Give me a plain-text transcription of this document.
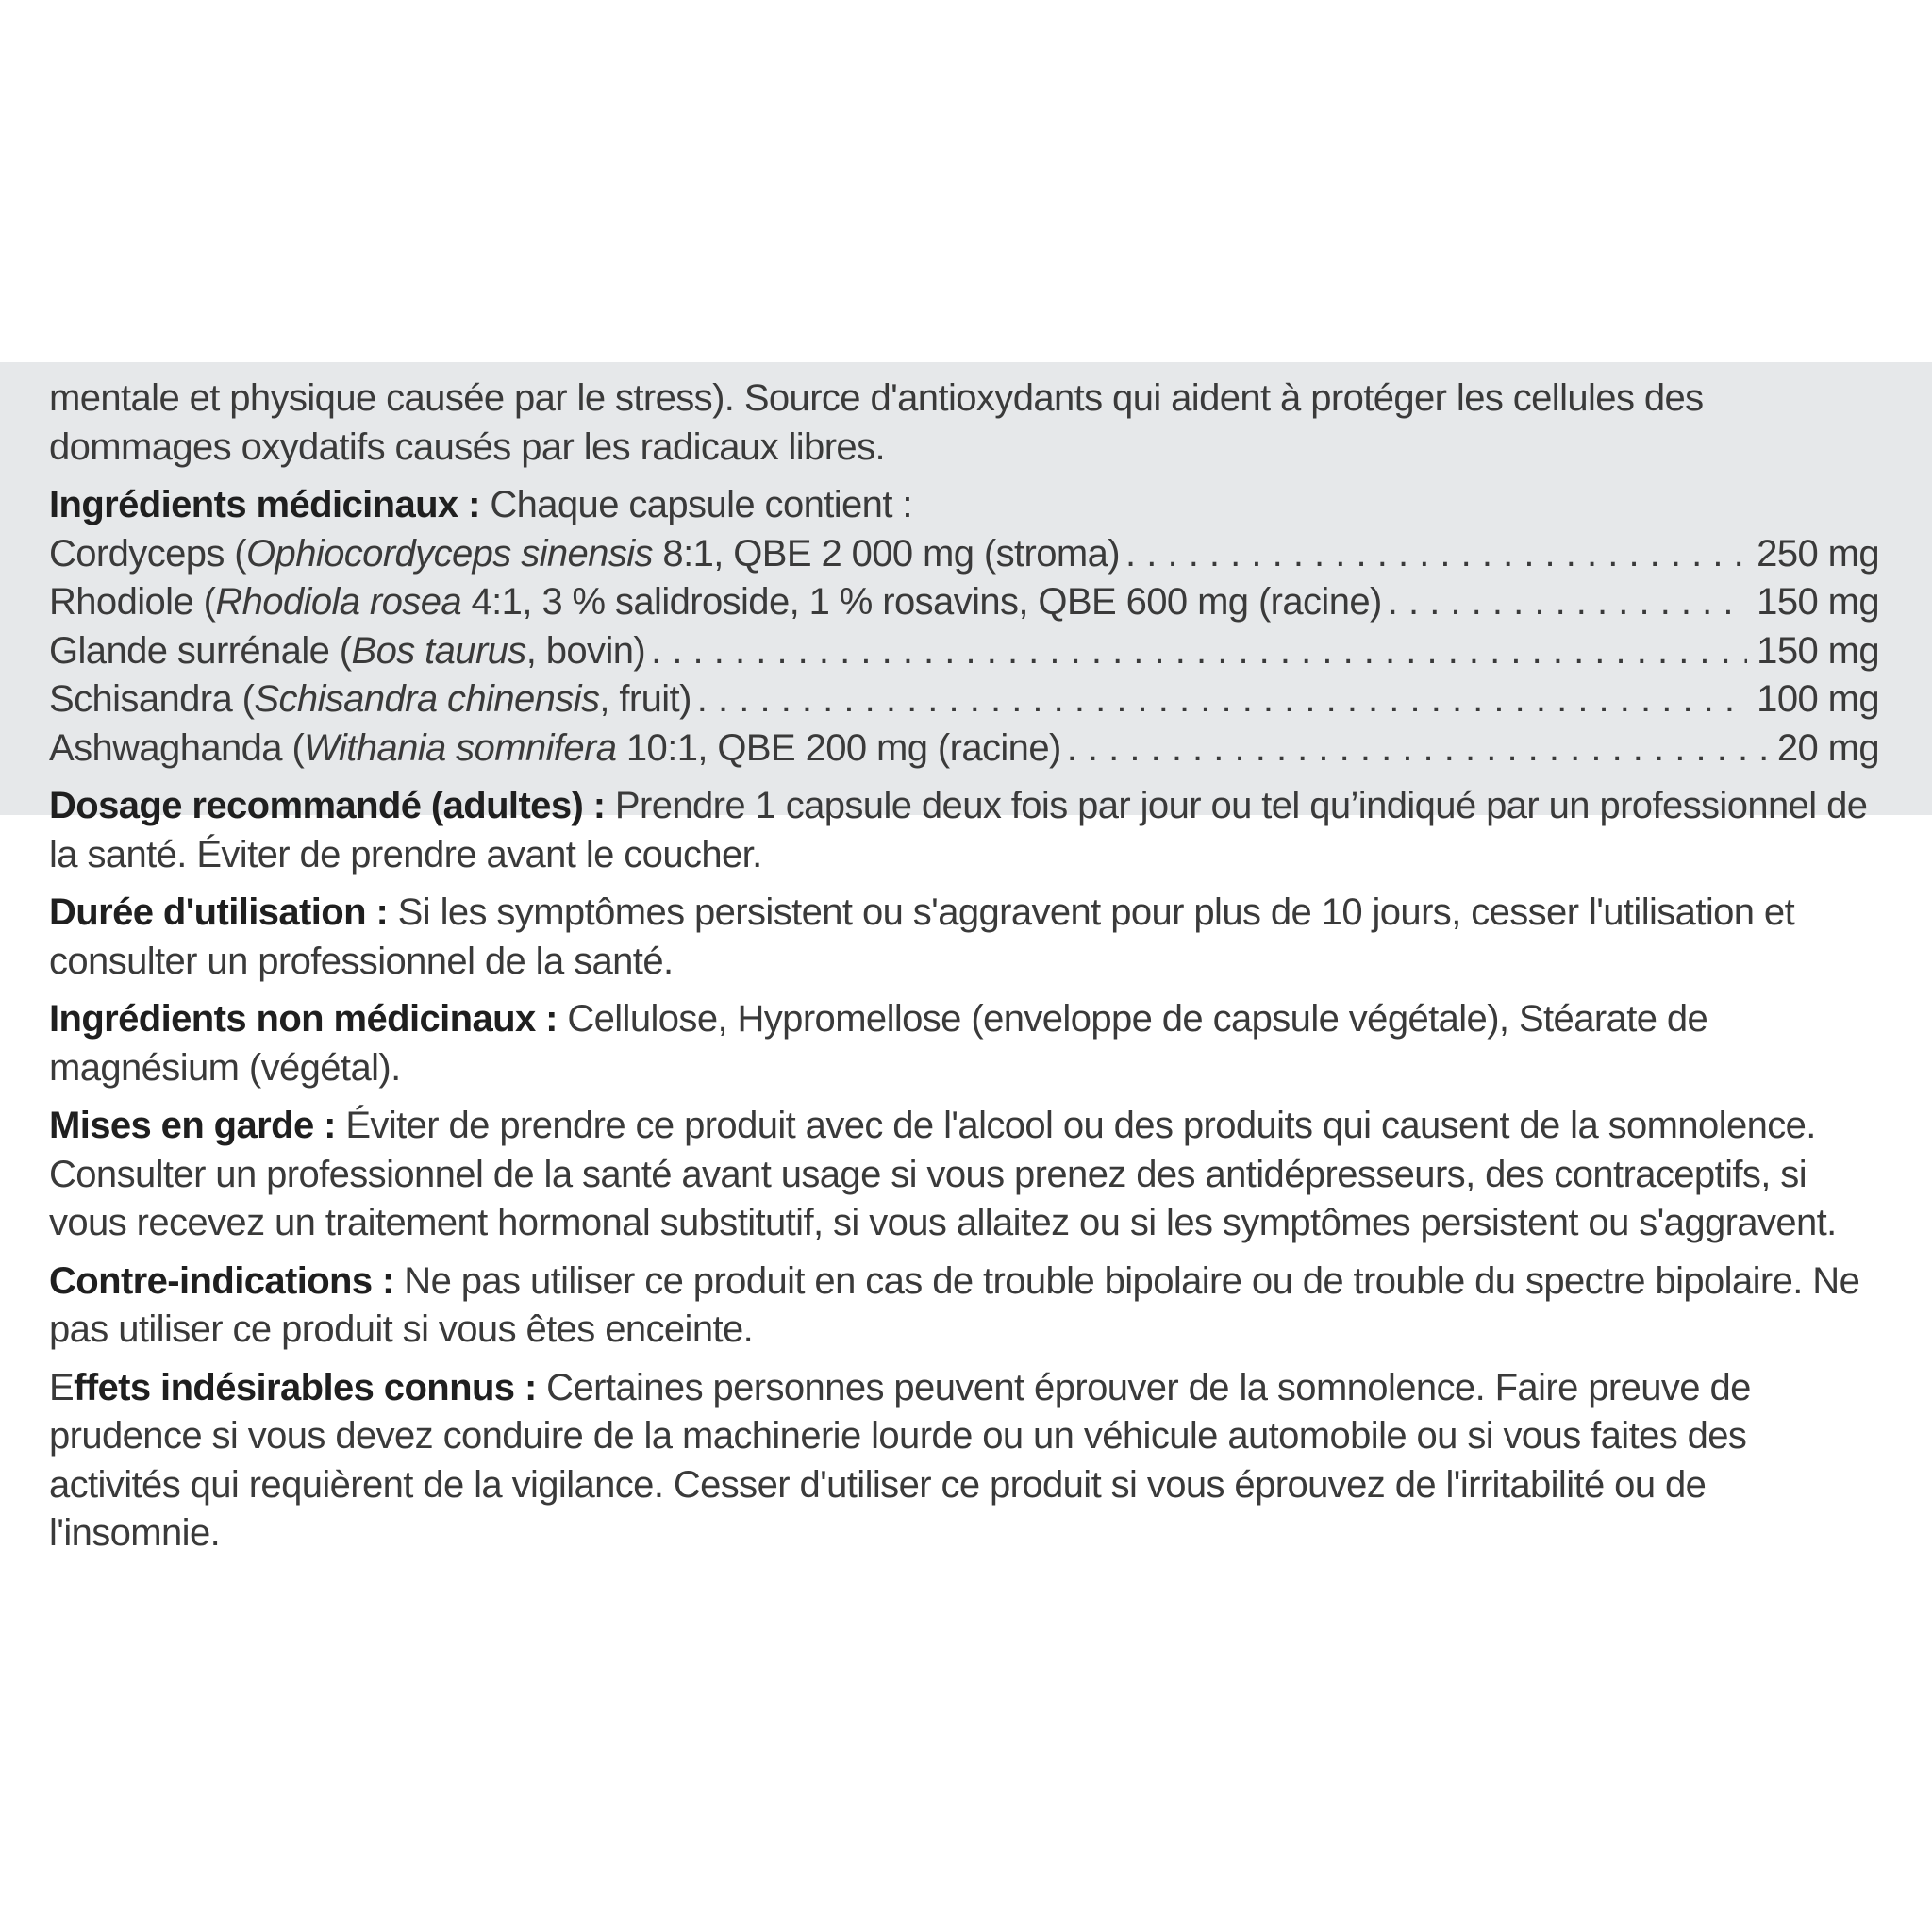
mentale et physique causée par le stress). Source d'antioxydants qui aident à protéger les cellules des
dommages oxydatifs causés par les radicaux libres.

Ingrédients médicinaux : Chaque capsule contient :

Cordyceps (Ophiocordyceps sinensis 8:1, QBE 2 000 mg (stroma) . . .	250 mg
Rhodiole (Rhodiola rosea 4:1, 3 % salidroside, 1 % rosavins, QBE 600 mg (racine) . . .	150 mg
Glande surrénale (Bos taurus, bovin) . . .	150 mg
Schisandra (Schisandra chinensis, fruit) . . .	100 mg
Ashwaghanda (Withania somnifera 10:1, QBE 200 mg (racine) . . .	20 mg

Dosage recommandé (adultes) : Prendre 1 capsule deux fois par jour ou tel qu’indiqué par un professionnel de la santé. Éviter de prendre avant le coucher.

Durée d'utilisation : Si les symptômes persistent ou s'aggravent pour plus de 10 jours, cesser l'utilisation et consulter un professionnel de la santé.

Ingrédients non médicinaux : Cellulose, Hypromellose (enveloppe de capsule végétale), Stéarate de magnésium (végétal).

Mises en garde : Éviter de prendre ce produit avec de l'alcool ou des produits qui causent de la somnolence. Consulter un professionnel de la santé avant usage si vous prenez des antidépresseurs, des contraceptifs, si vous recevez un traitement hormonal substitutif, si vous allaitez ou si les symptômes persistent ou s'aggravent.

Contre-indications : Ne pas utiliser ce produit en cas de trouble bipolaire ou de trouble du spectre bipolaire. Ne pas utiliser ce produit si vous êtes enceinte.

Effets indésirables connus : Certaines personnes peuvent éprouver de la somnolence. Faire preuve de prudence si vous devez conduire de la machinerie lourde ou un véhicule automobile ou si vous faites des activités qui requièrent de la vigilance. Cesser d'utiliser ce produit si vous éprouvez de l'irritabilité ou de l'insomnie.
